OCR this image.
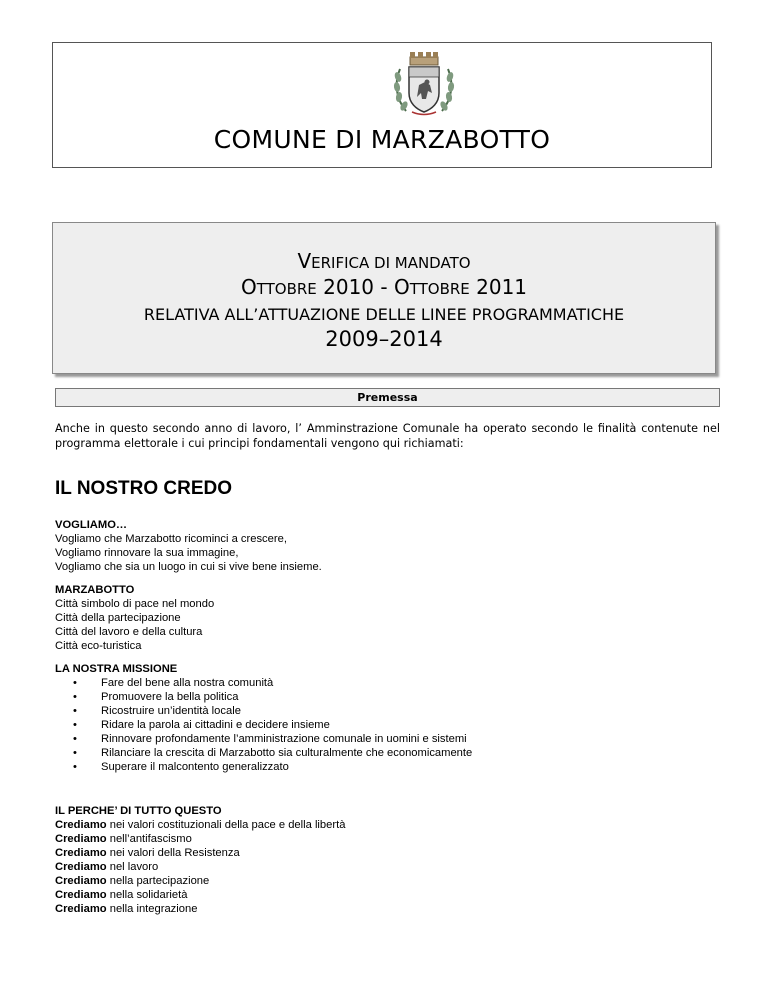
COMUNE DI MARZABOTTO
VERIFICA DI MANDATO
OTTOBRE 2010 - OTTOBRE 2011
RELATIVA ALL’ATTUAZIONE DELLE LINEE PROGRAMMATICHE
2009–2014
Premessa
Anche in questo secondo anno di lavoro, l’ Amminstrazione Comunale ha operato secondo le finalità contenute nel programma elettorale i cui principi fondamentali vengono qui richiamati:
IL NOSTRO CREDO
VOGLIAMO…
Vogliamo che Marzabotto ricominci a crescere,
Vogliamo rinnovare la sua immagine,
Vogliamo che sia un luogo in cui si vive bene insieme.
MARZABOTTO
Città simbolo di pace nel mondo
Città della partecipazione
Città del lavoro e della cultura
Città eco-turistica
LA NOSTRA MISSIONE
• Fare del bene alla nostra comunità
• Promuovere la bella politica
• Ricostruire un’identità locale
• Ridare la parola ai cittadini e decidere insieme
• Rinnovare profondamente l’amministrazione comunale in uomini e sistemi
• Rilanciare la crescita di Marzabotto sia culturalmente che economicamente
• Superare il malcontento generalizzato
IL PERCHE’ DI TUTTO QUESTO
Crediamo nei valori costituzionali della pace e della libertà
Crediamo nell’antifascismo
Crediamo nei valori della Resistenza
Crediamo nel lavoro
Crediamo nella partecipazione
Crediamo nella solidarietà
Crediamo nella integrazione
